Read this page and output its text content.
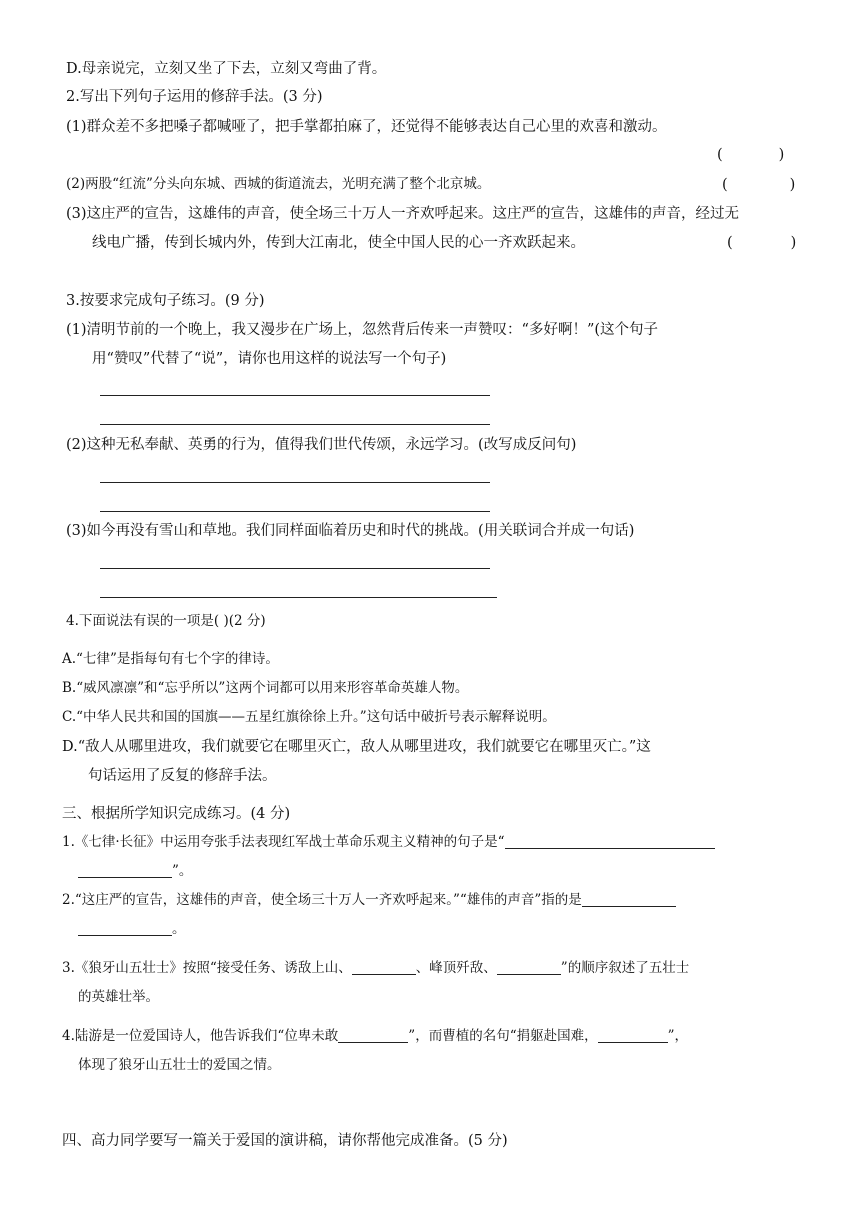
D.母亲说完，立刻又坐了下去，立刻又弯曲了背。
2.写出下列句子运用的修辞手法。(3 分)
(1)群众差不多把嗓子都喊哑了，把手掌都拍麻了，还觉得不能够表达自己心里的欢喜和激动。
(	)
(2)两股“红流”分头向东城、西城的街道流去，光明充满了整个北京城。	(	)
(3)这庄严的宣告，这雄伟的声音，使全场三十万人一齐欢呼起来。这庄严的宣告，这雄伟的声音，经过无
线电广播，传到长城内外，传到大江南北，使全中国人民的心一齐欢跃起来。	(	)
3.按要求完成句子练习。(9 分)
(1)清明节前的一个晚上，我又漫步在广场上，忽然背后传来一声赞叹：“多好啊！”(这个句子
用“赞叹”代替了“说”，请你也用这样的说法写一个句子)
(2)这种无私奉献、英勇的行为，值得我们世代传颂，永远学习。(改写成反问句)
(3)如今再没有雪山和草地。我们同样面临着历史和时代的挑战。(用关联词合并成一句话)
4.下面说法有误的一项是( )(2 分)
A.“七律”是指每句有七个字的律诗。
B.“威风凛凛”和“忘乎所以”这两个词都可以用来形容革命英雄人物。
C.“中华人民共和国的国旗——五星红旗徐徐上升。”这句话中破折号表示解释说明。
D.“敌人从哪里进攻，我们就要它在哪里灭亡，敌人从哪里进攻，我们就要它在哪里灭亡。”这
句话运用了反复的修辞手法。
三、根据所学知识完成练习。(4 分)
1.《七律·长征》中运用夸张手法表现红军战士革命乐观主义精神的句子是“
”。
2.“这庄严的宣告，这雄伟的声音，使全场三十万人一齐欢呼起来。”“雄伟的声音”指的是
。
3.《狼牙山五壮士》按照“接受任务、诱敌上山、	、峰顶歼敌、	”的顺序叙述了五壮士
的英雄壮举。
4.陆游是一位爱国诗人，他告诉我们“位卑未敢	”，而曹植的名句“捐躯赴国难，	”，
体现了狼牙山五壮士的爱国之情。
四、高力同学要写一篇关于爱国的演讲稿，请你帮他完成准备。(5 分)
